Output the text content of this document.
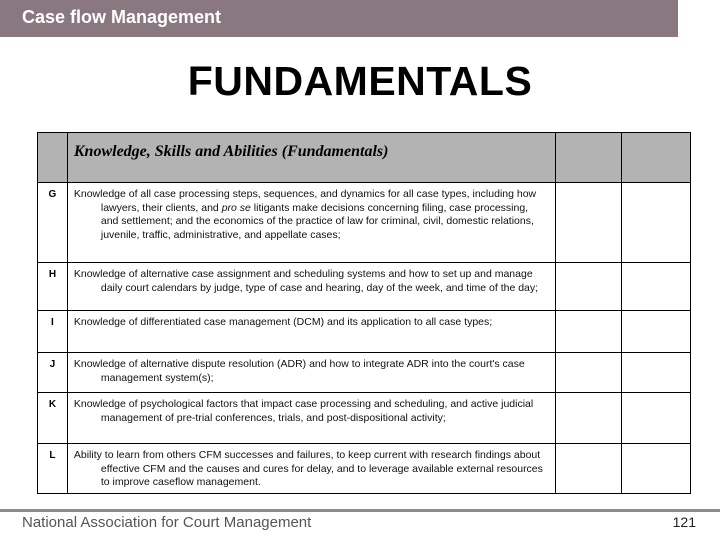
Case flow Management
FUNDAMENTALS
	Knowledge, Skills and Abilities (Fundamentals)		
G	Knowledge of all case processing steps, sequences, and dynamics for all case types, including how lawyers, their clients, and pro se litigants make decisions concerning filing, case processing, and settlement; and the economics of the practice of law for criminal, civil, domestic relations, juvenile, traffic, administrative, and appellate cases;		
H	Knowledge of alternative case assignment and scheduling systems and how to set up and manage daily court calendars by judge, type of case and hearing, day of the week, and time of the day;		
I	Knowledge of differentiated case management (DCM) and its application to all case types;		
J	Knowledge of alternative dispute resolution (ADR) and how to integrate ADR into the court's case management system(s);		
K	Knowledge of psychological factors that impact case processing and scheduling, and active judicial management of pre-trial conferences, trials, and post-dispositional activity;		
L	Ability to learn from others CFM successes and failures, to keep current with research findings about effective CFM and the causes and cures for delay, and to leverage available external resources to improve caseflow management.		
National Association for Court Management	121
